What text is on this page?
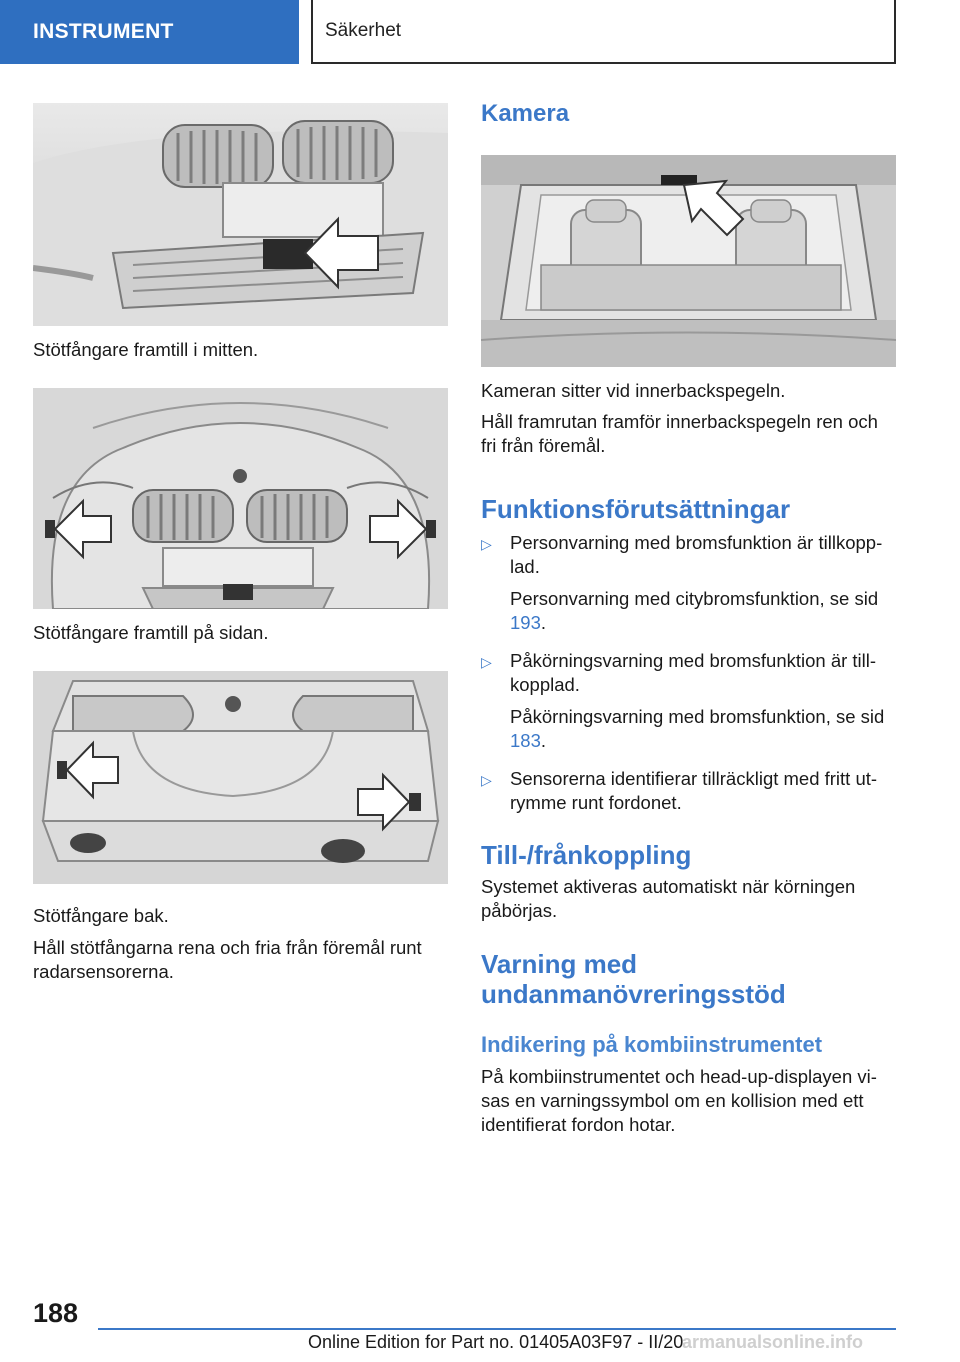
INSTRUMENT	Säkerhet

Stötfångare framtill i mitten.

Stötfångare framtill på sidan.

Stötfångare bak.

Håll stötfångarna rena och fria från föremål runt radarsensorerna.

Kamera

Kameran sitter vid innerbackspegeln.

Håll framrutan framför innerbackspegeln ren och fri från föremål.

Funktionsförutsättningar
▷ Personvarning med bromsfunktion är tillkopp-lad.
Personvarning med citybromsfunktion, se sid 193.
▷ Påkörningsvarning med bromsfunktion är till-kopplad.
Påkörningsvarning med bromsfunktion, se sid 183.
▷ Sensorerna identifierar tillräckligt med fritt ut-rymme runt fordonet.
Till-/frånkoppling

Systemet aktiveras automatiskt när körningen påbörjas.

Varning med undanmanövreringsstöd
Indikering på kombiinstrumentet

På kombiinstrumentet och head-up-displayen vi-sas en varningssymbol om en kollision med ett identifierat fordon hotar.

188
Online Edition for Part no. 01405A03F97 - II/20
armanualsonline.info
